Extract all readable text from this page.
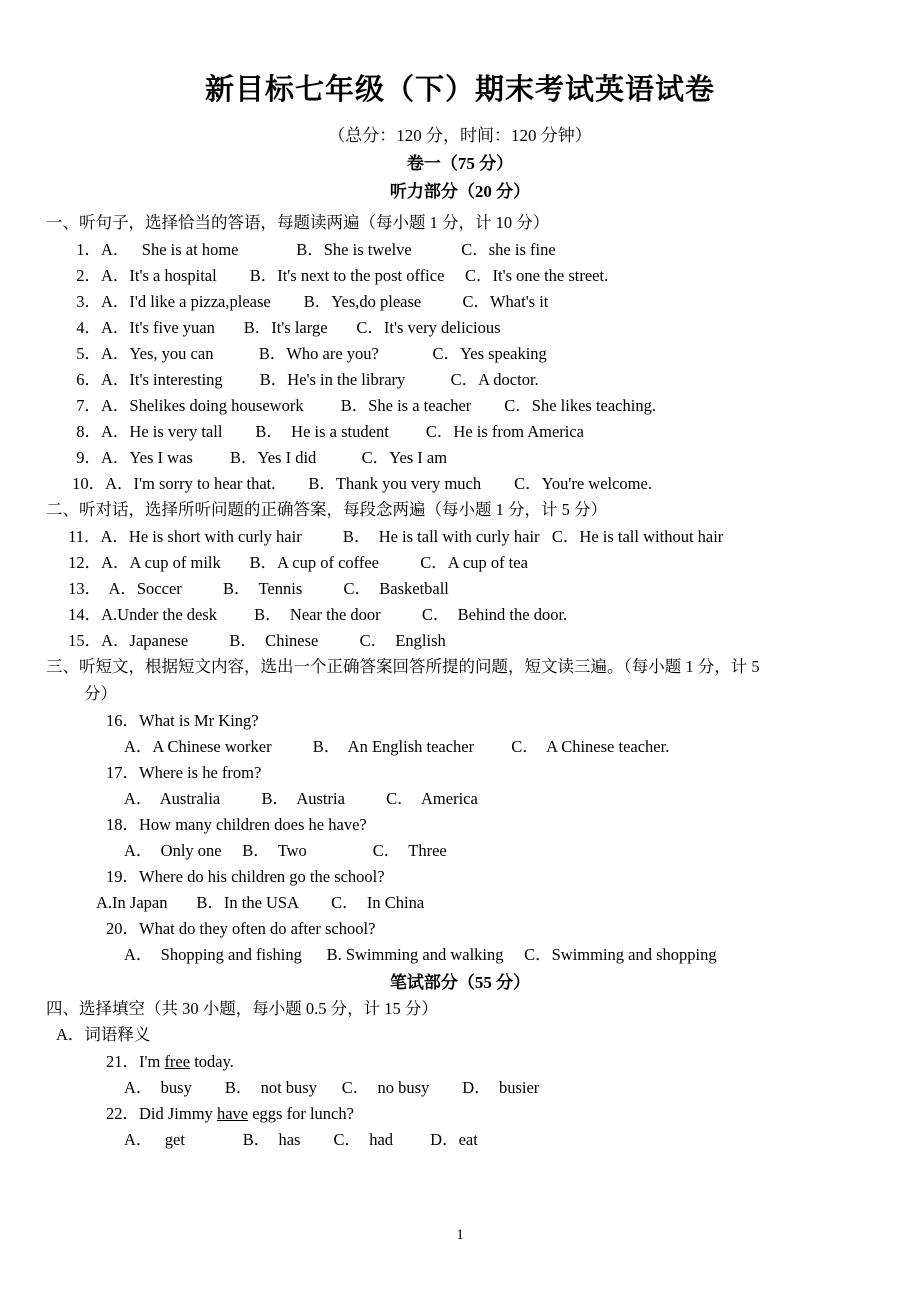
新目标七年级（下）期末考试英语试卷

（总分：120 分，时间：120 分钟）

卷一（75 分）

听力部分（20 分）

一、听句子，选择恰当的答语，每题读两遍（每小题 1 分，计 10 分）

1．A．   She is at home              B．She is twelve            C．she is fine

2．A．It's a hospital        B．It's next to the post office     C．It's one the street.

3．A．I'd like a pizza,please        B．Yes,do please          C．What's it

4．A．It's five yuan       B．It's large       C．It's very delicious

5．A．Yes, you can           B．Who are you?             C．Yes speaking

6．A．It's interesting         B．He's in the library           C．A doctor.

7．A．Shelikes doing housework         B．She is a teacher        C．She likes teaching.

8．A．He is very tall        B．  He is a student         C．He is from America

9．A．Yes I was         B．Yes I did           C．Yes I am

10．A．I'm sorry to hear that.        B．Thank you very much        C．You're welcome.

二、听对话，选择所听问题的正确答案，每段念两遍（每小题 1 分，计 5 分）

11．A．He is short with curly hair          B．  He is tall with curly hair   C．He is tall without hair

12．A．A cup of milk       B．A cup of coffee          C．A cup of tea

13．  A．Soccer          B．  Tennis          C．  Basketball

14．A.Under the desk         B．  Near the door          C．  Behind the door.

15．A．Japanese          B．  Chinese          C．  English

三、听短文，根据短文内容，选出一个正确答案回答所提的问题，短文读三遍。（每小题 1 分，计 5

分）

16．What is Mr King?

A．A Chinese worker          B．  An English teacher         C．  A Chinese teacher.

17．Where is he from?

A．  Australia          B．  Austria          C．  America

18．How many children does he have?

A．  Only one     B．  Two                C．  Three

19．Where do his children go the school?

A.In Japan       B．In the USA        C．  In China

20．What do they often do after school?

A．  Shopping and fishing      B. Swimming and walking     C．Swimming and shopping

笔试部分（55 分）

四、选择填空（共 30 小题，每小题 0.5 分，计 15 分）

A．词语释义

21．I'm free today.

A．  busy        B．  not busy      C．  no busy        D．  busier

22．Did Jimmy have eggs for lunch?

A．   get              B．  has        C．  had         D．eat

1
